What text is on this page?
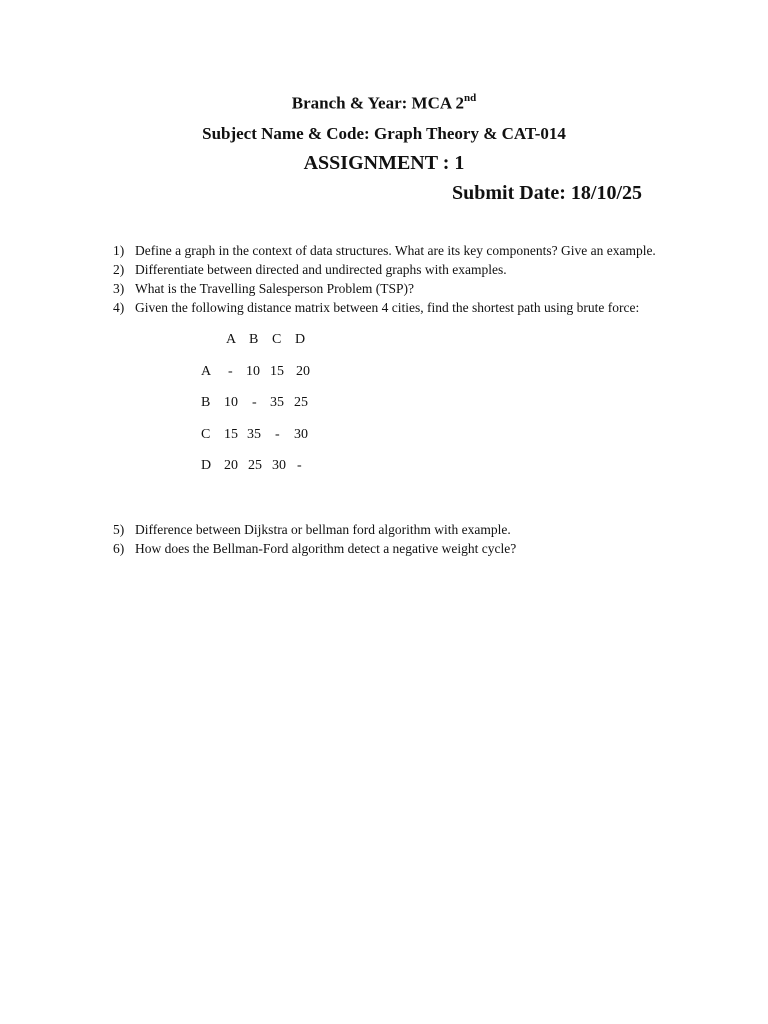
Branch & Year: MCA 2nd
Subject Name & Code: Graph Theory & CAT-014
ASSIGNMENT : 1
Submit Date: 18/10/25
1) Define a graph in the context of data structures. What are its key components? Give an example.
2) Differentiate between directed and undirected graphs with examples.
3) What is the Travelling Salesperson Problem (TSP)?
4) Given the following distance matrix between 4 cities, find the shortest path using brute force:
A B C D
A - 10 15 20
B 10 - 35 25
C 15 35 - 30
D 20 25 30 -
5) Difference between Dijkstra or bellman ford algorithm with example.
6) How does the Bellman-Ford algorithm detect a negative weight cycle?
